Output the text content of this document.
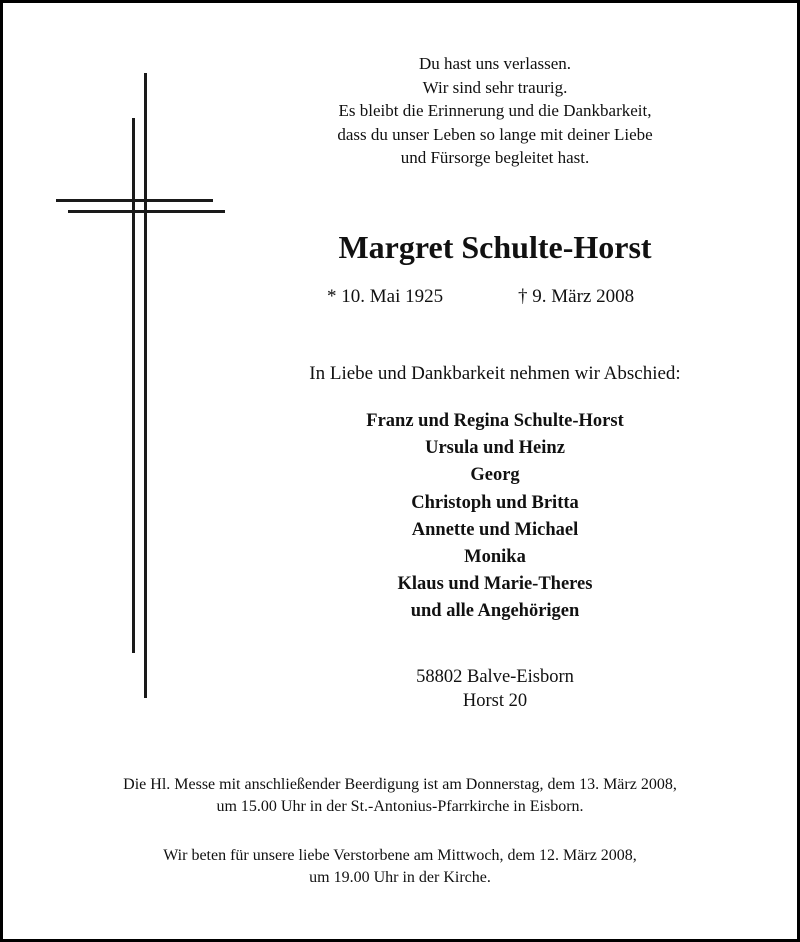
Du hast uns verlassen.
Wir sind sehr traurig.
Es bleibt die Erinnerung und die Dankbarkeit,
dass du unser Leben so lange mit deiner Liebe
und Fürsorge begleitet hast.
Margret Schulte-Horst
* 10. Mai 1925	† 9. März 2008
In Liebe und Dankbarkeit nehmen wir Abschied:
Franz und Regina Schulte-Horst
Ursula und Heinz
Georg
Christoph und Britta
Annette und Michael
Monika
Klaus und Marie-Theres
und alle Angehörigen
58802 Balve-Eisborn
Horst 20
Die Hl. Messe mit anschließender Beerdigung ist am Donnerstag, dem 13. März 2008,
um 15.00 Uhr in der St.-Antonius-Pfarrkirche in Eisborn.
Wir beten für unsere liebe Verstorbene am Mittwoch, dem 12. März 2008,
um 19.00 Uhr in der Kirche.
